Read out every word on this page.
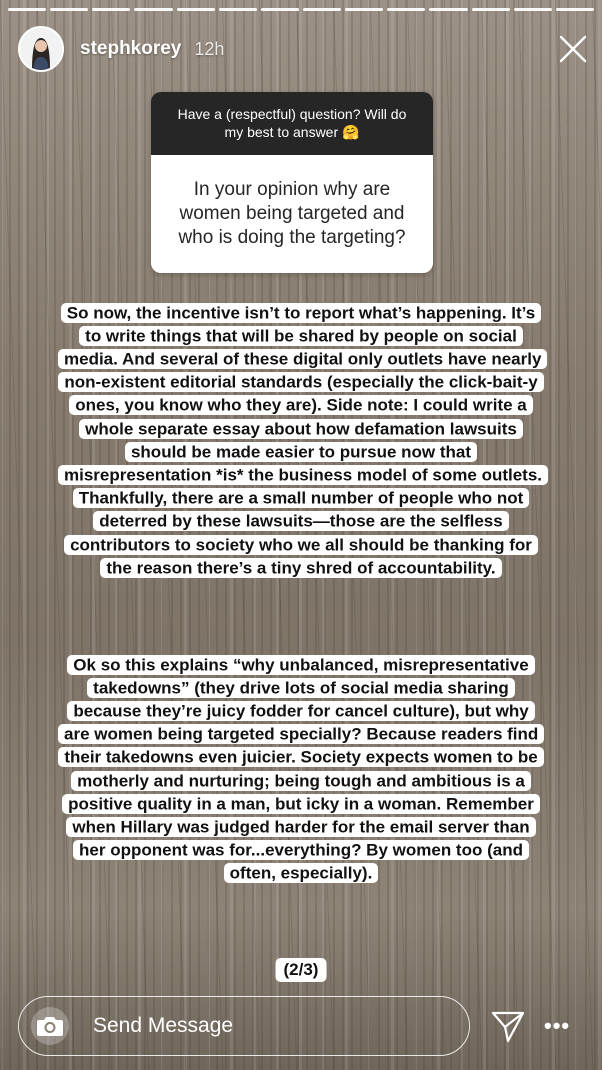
stephkorey 12h
Have a (respectful) question? Will do my best to answer 🤗
In your opinion why are women being targeted and who is doing the targeting?
So now, the incentive isn’t to report what’s happening. It’s to write things that will be shared by people on social media. And several of these digital only outlets have nearly non-existent editorial standards (especially the click-bait-y ones, you know who they are). Side note: I could write a whole separate essay about how defamation lawsuits should be made easier to pursue now that misrepresentation *is* the business model of some outlets. Thankfully, there are a small number of people who not deterred by these lawsuits—those are the selfless contributors to society who we all should be thanking for the reason there’s a tiny shred of accountability.
Ok so this explains “why unbalanced, misrepresentative takedowns” (they drive lots of social media sharing because they’re juicy fodder for cancel culture), but why are women being targeted specially? Because readers find their takedowns even juicier. Society expects women to be motherly and nurturing; being tough and ambitious is a positive quality in a man, but icky in a woman. Remember when Hillary was judged harder for the email server than her opponent was for...everything? By women too (and often, especially).
(2/3)
Send Message
•••
